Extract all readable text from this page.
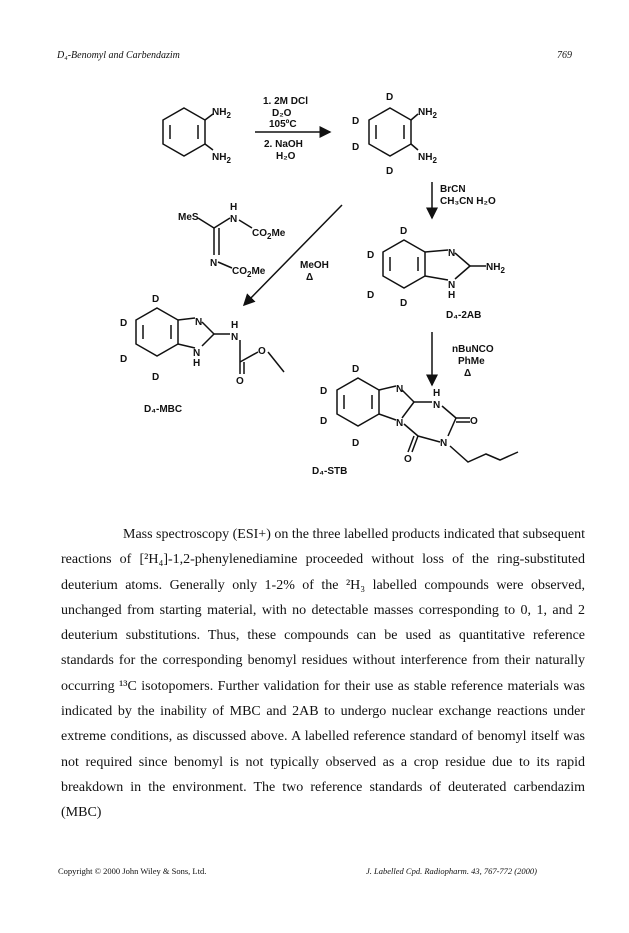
D₄-Benomyl and Carbendazim	769
$NH_2$
$NH_2$
1. 2M DCl
D₂O
105ºC
2. NaOH
H₂O
D
D
D
D
$NH_2$
$NH_2$
BrCN
CH₃CN H₂O
N
N
H
$NH_2$
D
D
D
D
D₄-2AB
nBuNCO
PhMe
Δ
MeOH
Δ
MeS
H
N
$CO_2Me$
N
$CO_2Me$
N
N
H
H
N
O
O
D
D
D
D
D₄-MBC
N
N
H
N
O
N
O
D
D
D
D
D₄-STB

Mass spectroscopy (ESI+) on the three labelled products indicated that subsequent reactions of [²H₄]-1,2-phenylenediamine proceeded without loss of the ring-substituted deuterium atoms. Generally only 1-2% of the ²H₃ labelled compounds were observed, unchanged from starting material, with no detectable masses corresponding to 0, 1, and 2 deuterium substitutions. Thus, these compounds can be used as quantitative reference standards for the corresponding benomyl residues without interference from their naturally occurring ¹³C isotopomers. Further validation for their use as stable reference materials was indicated by the inability of MBC and 2AB to undergo nuclear exchange reactions under extreme conditions, as discussed above. A labelled reference standard of benomyl itself was not required since benomyl is not typically observed as a crop residue due to its rapid breakdown in the environment. The two reference standards of deuterated carbendazim (MBC)

Copyright © 2000 John Wiley & Sons, Ltd.	J. Labelled Cpd. Radiopharm. 43, 767-772 (2000)
